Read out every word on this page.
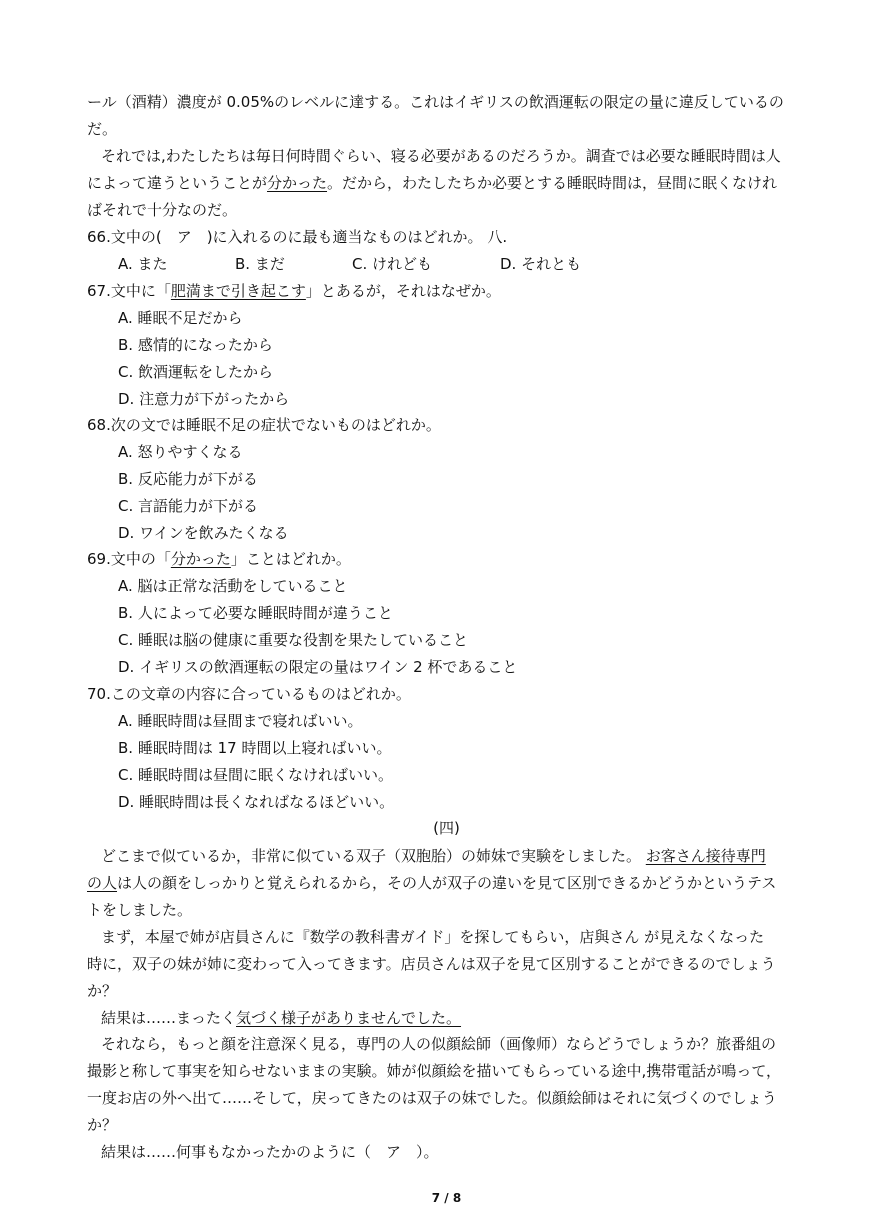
ール（酒精）濃度が 0.05%のレベルに達する。これはイギリスの飲酒運転の限定の量に違反しているの
だ。
それでは,わたしたちは毎日何時間ぐらい、寝る必要があるのだろうか。調査では必要な睡眠時間は人
によって違うということが分かった。だから，わたしたちか必要とする睡眠時間は，昼間に眠くなけれ
ばそれで十分なのだ。
66.文中の(　ア　)に入れるのに最も適当なものはどれか。 八.
A. また	B. まだ	C. けれども	D. それとも
67.文中に「肥満まで引き起こす」とあるが，それはなぜか。
A. 睡眠不足だから
B. 感情的になったから
C. 飲酒運転をしたから
D. 注意力が下がったから
68.次の文では睡眠不足の症状でないものはどれか。
A. 怒りやすくなる
B. 反応能力が下がる
C. 言語能力が下がる
D. ワインを飲みたくなる
69.文中の「分かった」ことはどれか。
A. 脳は正常な活動をしていること
B. 人によって必要な睡眠時間が違うこと
C. 睡眠は脳の健康に重要な役割を果たしていること
D. イギリスの飲酒運転の限定の量はワイン 2 杯であること
70.この文章の内容に合っているものはどれか。
A. 睡眠時間は昼間まで寝ればいい。
B. 睡眠時間は 17 時間以上寝ればいい。
C. 睡眠時間は昼間に眠くなければいい。
D. 睡眠時間は長くなればなるほどいい。
(四)
どこまで似ているか，非常に似ている双子（双胞胎）の姉妹で実験をしました。 お客さん接待専門
の人は人の顔をしっかりと覚えられるから，その人が双子の違いを見て区別できるかどうかというテス
トをしました。
まず，本屋で姉が店員さんに『数学の教科書ガイド」を探してもらい，店與さん が見えなくなった
時に，双子の妹が姉に変わって入ってきます。店员さんは双子を見て区別することができるのでしょう
か？
結果は……まったく気づく様子がありませんでした。
それなら，もっと顔を注意深く見る，専門の人の似顔絵師（画像师）ならどうでしょうか？旅番組の
撮影と称して事実を知らせないままの実験。姉が似顔絵を描いてもらっている途中,携帯電話が鳴って，
一度お店の外へ出て……そして，戻ってきたのは双子の妹でした。似顔絵師はそれに気づくのでしょう
か？
結果は……何事もなかったかのように（　ア　）。
7 / 8
